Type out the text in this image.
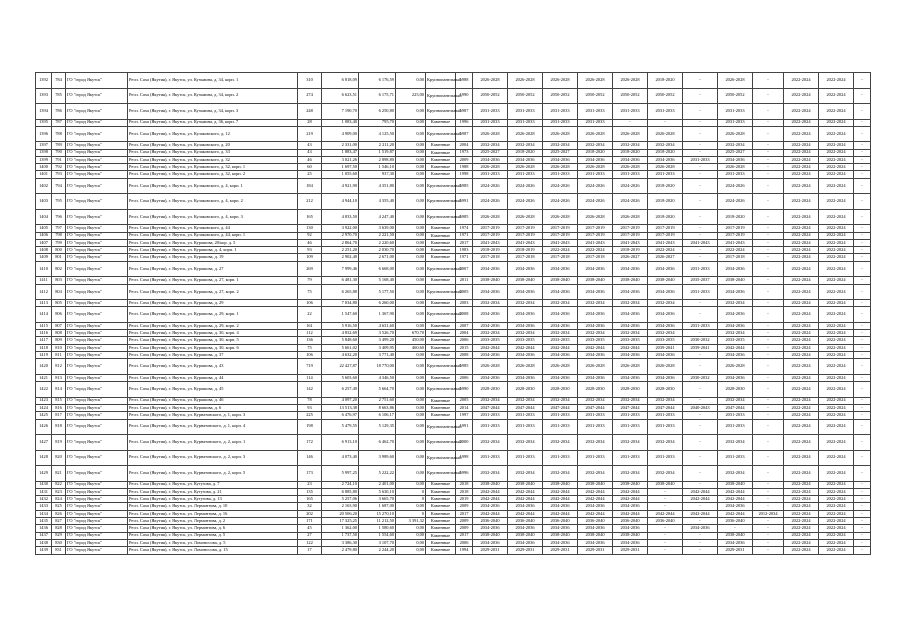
1392	784	ГО "город Якутск"	Респ. Саха (Якутия), г. Якутск, ул. Кузьмина, д. 34, корп. 1	310	6 818,09	6 176,59	0,00	Крупнопанельный	1988	2026-2028	2026-2028	2026-2028	2026-2028	2026-2028	2018-2020	-	2026-2028	-	2022-2024	2022-2024	-
1393	785	ГО "город Якутск"	Респ. Саха (Якутия), г. Якутск, ул. Кузьмина, д. 34, корп. 2	274	6 623,51	6 175,71	225,00	Крупнопанельный	1990	2050-2052	2050-2052	2050-2052	2050-2052	2050-2052	2050-2052	-	2050-2052	-	2022-2024	2022-2024	-
1394	786	ГО "город Якутск"	Респ. Саха (Якутия), г. Якутск, ул. Кузьмина, д. 34, корп. 3	248	7 190,70	6 250,80	0,00	Крупнопанельный	1987	2031-2033	2031-2033	2031-2033	2031-2033	2031-2033	2031-2033	-	2031-2033	-	2022-2024	2022-2024	-
1395	787	ГО "город Якутск"	Респ. Саха (Якутия), г. Якутск, ул. Кузьмина, д. 36, корп. 7	28	1 083,40	795,70	0,00	Каменные	1996	2031-2033	2031-2033	2031-2033	2031-2033	-	-	-	2031-2033	-	2022-2024	2022-2024	-
1396	788	ГО "город Якутск"	Респ. Саха (Якутия), г. Якутск, ул. Кулаковского, д. 12	219	4 909,00	4 125,50	0,00	Крупнопанельный	1987	2026-2028	2026-2028	2026-2028	2026-2028	2026-2028	2026-2028	-	2026-2028	-	2022-2024	2022-2024	-
1397	789	ГО "город Якутск"	Респ. Саха (Якутия), г. Якутск, ул. Кулаковского, д. 20	43	2 331,00	2 211,20	0,00	Каменные	2004	2032-2034	2032-2034	2032-2034	2032-2034	2032-2034	2032-2034	-	2032-2034	-	2022-2024	2022-2024	-
1398	790	ГО "город Якутск"	Респ. Саха (Якутия), г. Якутск, ул. Кулаковского, д. 33	43	1 883,47	1 519,87	0,00	Каменные	1973	2025-2027	2018-2020	2025-2027	2018-2020	2018-2020	2018-2020	-	2025-2027	-	2022-2024	2022-2024	-
1399	791	ГО "город Якутск"	Респ. Саха (Якутия), г. Якутск, ул. Кулаковского, д. 32	46	3 021,26	2 898,80	0,00	Каменные	2009	2034-2036	2034-2036	2034-2036	2034-2036	2034-2036	2034-2036	2031-2033	2034-2036	-	2022-2024	2022-2024	-
1400	792	ГО "город Якутск"	Респ. Саха (Якутия), г. Якутск, ул. Кулаковского, д. 32, корп. 1	60	1 697,50	1 546,10	0,00	Каменные	1988	2026-2028	2026-2028	2026-2028	2026-2028	2026-2028	2026-2028	-	2026-2028	-	2022-2024	2022-2024	-
1401	793	ГО "город Якутск"	Респ. Саха (Якутия), г. Якутск, ул. Кулаковского, д. 32, корп. 2	25	1 055,60	937,30	0,00	Каменные	1998	2031-2033	2031-2033	2031-2033	2031-2033	2031-2033	2031-2033	-	2031-2033	-	2022-2024	2022-2024	-
1402	794	ГО "город Якутск"	Респ. Саха (Якутия), г. Якутск, ул. Кулаковского, д. 4, корп. 1	184	4 921,90	4 351,80	0,00	Крупнопанельный	1985	2024-2026	2024-2026	2024-2026	2024-2026	2024-2026	2018-2020	-	2024-2026	-	2022-2024	2022-2024	-
1403	795	ГО "город Якутск"	Респ. Саха (Якутия), г. Якутск, ул. Кулаковского, д. 4, корп. 2	212	4 944,10	4 355,40	0,00	Крупнопанельный	1991	2024-2026	2024-2026	2024-2026	2024-2026	2024-2026	2018-2020	-	2024-2026	-	2022-2024	2022-2024	-
1404	796	ГО "город Якутск"	Респ. Саха (Якутия), г. Якутск, ул. Кулаковского, д. 4, корп. 3	165	4 833,50	4 247,40	0,00	Крупнопанельный	1985	2026-2028	2026-2028	2026-2028	2026-2028	2026-2028	2018-2020	-	2018-2020	-	2022-2024	2022-2024	-
1405	797	ГО "город Якутск"	Респ. Саха (Якутия), г. Якутск, ул. Кулаковского, д. 44	130	3 922,00	3 639,00	0,00	Каменные	1974	2017-2019	2017-2019	2017-2019	2017-2019	2017-2019	2017-2019	-	2017-2019	-	2022-2024	2022-2024	-
1406	798	ГО "город Якутск"	Респ. Саха (Якутия), г. Якутск, ул. Кулаковского, д. 44, корп. 1	92	2 970,70	2 221,50	0,00	Каменные	1971	2017-2019	2017-2019	2017-2019	2017-2019	2017-2019	2017-2019	-	2017-2019	-	2022-2024	2022-2024	-
1407	799	ГО "город Якутск"	Респ. Саха (Якутия), г. Якутск, ул. Курашова, 20/кор. д. 5	46	2 864,70	2 220,60	0,00	Каменные	2017	2041-2043	2041-2043	2041-2043	2041-2043	2041-2043	2041-2043	2041-2043	2041-2043	-	2022-2024	2022-2024	-
1408	800	ГО "город Якутск"	Респ. Саха (Якутия), г. Якутск, ул. Курашова, д. 4, корп. 1	93	2 251,20	2 030,70	0,00	Каменные	1983	2018-2019	2018-2019	2022-2024	2022-2024	2018-2019	2022-2024	-	2022-2024	-	2022-2024	2022-2024	-
1409	801	ГО "город Якутск"	Респ. Саха (Якутия), г. Якутск, ул. Курашова, д. 19	109	2 902,40	2 671,00	0,00	Каменные	1971	2017-2018	2017-2018	2017-2018	2017-2018	2026-2027	2026-2027	-	2017-2018	-	2022-2024	2022-2024	-
1410	802	ГО "город Якутск"	Респ. Саха (Якутия), г. Якутск, ул. Курашова, д. 27	269	7 999,46	6 668,00	0,00	Крупнопанельный	2007	2034-2036	2034-2036	2034-2036	2034-2036	2034-2036	2034-2036	2031-2033	2034-2036	-	2022-2024	2022-2024	-
1411	803	ГО "город Якутск"	Респ. Саха (Якутия), г. Якутск, ул. Курашова, д. 27, корп. 1	79	6 481,30	5 168,40	0,00	Каменные	2011	2038-2040	2038-2040	2038-2040	2038-2040	2038-2040	2038-2040	2035-2037	2038-2040	-	2022-2024	2022-2024	-
1412	804	ГО "город Якутск"	Респ. Саха (Якутия), г. Якутск, ул. Курашова, д. 27, корп. 2	75	6 265,88	5 177,50	0,00	Крупнопанельный	2005	2034-2036	2034-2036	2034-2036	2034-2036	2034-2036	2034-2036	2031-2033	2034-2036	-	2022-2024	2022-2024	-
1413	805	ГО "город Якутск"	Респ. Саха (Якутия), г. Якутск, ул. Курашова, д. 29	106	7 034,80	6 260,00	0,00	Каменные	2003	2032-2034	2032-2034	2032-2034	2032-2034	2032-2034	2032-2034	-	2032-2034	-	2022-2024	2022-2024	-
1414	806	ГО "город Якутск"	Респ. Саха (Якутия), г. Якутск, ул. Курашова, д. 29, корп. 1	22	1 547,60	1 367,90	0,00	Крупнопанельный	2008	2034-2036	2034-2036	2034-2036	2034-2036	2034-2036	2034-2036	-	2034-2036	-	2022-2024	2022-2024	-
1415	807	ГО "город Якутск"	Респ. Саха (Якутия), г. Якутск, ул. Курашова, д. 29, корп. 2	161	5 916,50	4 631,60	0,00	Каменные	2007	2034-2036	2034-2036	2034-2036	2034-2036	2034-2036	2034-2036	2031-2033	2034-2036	-	2022-2024	2022-2024	-
1416	808	ГО "город Якутск"	Респ. Саха (Якутия), г. Якутск, ул. Курашова, д. 30, корп. 4	112	4 832,69	3 526,70	670,70	Каменные	2004	2032-2034	2032-2034	2032-2034	2032-2034	2032-2034	2032-2034	-	2032-2034	-	2022-2024	2022-2024	-
1417	809	ГО "город Якутск"	Респ. Саха (Якутия), г. Якутск, ул. Курашова, д. 30, корп. 5	136	5 848,60	3 499,20	450,00	Каменные	2006	2033-2035	2033-2035	2033-2035	2033-2035	2033-2035	2033-2035	2030-2032	2033-2035	-	2022-2024	2022-2024	-
1418	810	ГО "город Якутск"	Респ. Саха (Якутия), г. Якутск, ул. Курашова, д. 30, корп. 6	75	5 661,02	3 409,95	460,60	Каменные	2015	2042-2044	2042-2044	2042-2044	2042-2044	2042-2044	2039-2041	2039-2041	2042-2044	-	2022-2024	2022-2024	-
1419	811	ГО "город Якутск"	Респ. Саха (Якутия), г. Якутск, ул. Курашова, д. 37	106	4 632,20	3 771,40	0,00	Каменные	2008	2034-2036	2034-2036	2034-2036	2034-2036	2034-2036	2034-2036	-	2034-2036	-	2022-2024	2022-2024	-
1420	812	ГО "город Якутск"	Респ. Саха (Якутия), г. Якутск, ул. Курашова, д. 43	719	22 427,87	18 770,00	0,00	Крупнопанельный	1985	2026-2028	2026-2028	2026-2028	2026-2028	2026-2028	2026-2028	-	2026-2028	-	2022-2024	2022-2024	-
1421	813	ГО "город Якутск"	Респ. Саха (Якутия), г. Якутск, ул. Курашова, д. 44	114	5 603,60	4 346,50	0,00	Каменные	2006	2034-2036	2034-2036	2034-2036	2034-2036	2034-2036	2034-2036	2030-2032	2034-2036	-	2022-2024	2022-2024	-
1422	814	ГО "город Якутск"	Респ. Саха (Якутия), г. Якутск, ул. Курашова, д. 45	142	6 257,49	5 664,70	0,00	Крупнопанельный	1990	2028-2030	2028-2030	2028-2030	2028-2030	2028-2030	2028-2030	-	2028-2030	-	2022-2024	2022-2024	-
1423	815	ГО "город Якутск"	Респ. Саха (Якутия), г. Якутск, ул. Курашова, д. 46	78	4 097,20	2 751,60	0,00	Каменные	2005	2032-2034	2032-2034	2032-2034	2032-2034	2032-2034	2032-2034	-	2032-2034	-	2022-2024	2022-2024	-
1424	816	ГО "город Якутск"	Респ. Саха (Якутия), г. Якутск, ул. Курашова, д. 6	93	13 513,38	8 663,86	0,00	Каменные	2014	2047-2044	2047-2044	2047-2044	2047-2044	2047-2044	2047-2044	2040-2043	2047-2044	-	2022-2024	2022-2024	-
1425	817	ГО "город Якутск"	Респ. Саха (Якутия), г. Якутск, ул. Курнатовского, д. 1, корп. 3	225	6 476,97	6 106,17	0,00	Каменные	1997	2031-2033	2031-2033	2031-2033	2031-2033	2031-2033	2031-2033	-	2031-2033	-	2022-2024	2022-2024	-
1426	818	ГО "город Якутск"	Респ. Саха (Якутия), г. Якутск, ул. Курнатовского, д. 1, корп. 4	198	5 479,55	5 129,35	0,00	Крупнопанельный	1991	2031-2033	2031-2033	2031-2033	2031-2033	2031-2033	2031-2033	-	2031-2033	-	2022-2024	2022-2024	-
1427	819	ГО "город Якутск"	Респ. Саха (Якутия), г. Якутск, ул. Курнатовского, д. 2, корп. 1	172	6 913,10	6 462,70	0,00	Крупнопанельный	2000	2032-2034	2032-2034	2032-2034	2032-2034	2032-2034	2032-2034	-	2032-2034	-	2022-2024	2022-2024	-
1428	820	ГО "город Якутск"	Респ. Саха (Якутия), г. Якутск, ул. Курнатовского, д. 2, корп. 3	146	4 073,40	3 989,60	0,00	Крупнопанельный	1998	2031-2033	2031-2033	2031-2033	2031-2033	2031-2033	2031-2033	-	2031-2033	-	2022-2024	2022-2024	-
1429	821	ГО "город Якутск"	Респ. Саха (Якутия), г. Якутск, ул. Курнатовского, д. 2, корп. 5	173	5 997,25	5 222,22	0,00	Крупнопанельный	1996	2032-2034	2032-2034	2032-2034	2032-2034	2032-2034	2032-2034	-	2032-2034	-	2022-2024	2022-2024	-
1430	822	ГО "город Якутск"	Респ. Саха (Якутия), г. Якутск, ул. Кутузова, д. 7	23	2 724,10	2 401,00	0,00	Каменные	2018	2038-2040	2038-2040	2038-2040	2038-2040	2038-2040	2038-2040	-	2038-2040	-	2022-2024	2022-2024	-
1431	823	ГО "город Якутск"	Респ. Саха (Якутия), г. Якутск, ул. Кутузова, д. 21	135	6 885,80	5 630,10	0	Каменные	2018	2042-2044	2042-2044	2042-2044	2042-2044	2042-2044	-	2042-2044	2042-2044	-	2022-2024	2022-2024	-
1432	824	ГО "город Якутск"	Респ. Саха (Якутия), г. Якутск, ул. Кутузова, д. 13	165	5 257,06	3 665,70	0	Каменные	2019	2042-2044	2042-2044	2042-2044	2042-2044	2042-2044	-	2042-2044	2042-2044	-	2022-2024	2022-2024	-
1433	825	ГО "город Якутск"	Респ. Саха (Якутия), г. Якутск, ул. Лермонтова, д. 10	32	2 163,90	1 687,00	0,00	Каменные	2009	2034-2036	2034-2036	2034-2036	2034-2036	2034-2036	-	-	2034-2036	-	2022-2024	2022-2024	-
1434	826	ГО "город Якутск"	Респ. Саха (Якутия), г. Якутск, ул. Лермонтова, д. 16	202	20 506,20	15 270,10	0	Каменные	2017	2042-2044	2042-2044	2042-2044	2042-2044	2042-2044	2042-2044	2042-2044	2042-2044	2012-2034	2022-2024	2022-2024	-
1435	827	ГО "город Якутск"	Респ. Саха (Якутия), г. Якутск, ул. Лермонтова, д. 2	171	17 325,25	11 212,50	3 391,32	Каменные	2009	2036-2040	2036-2040	2036-2040	2036-2040	2036-2040	2036-2040	-	2036-2040	-	2022-2024	2022-2024	-
1436	828	ГО "город Якутск"	Респ. Саха (Якутия), г. Якутск, ул. Лермонтова, д. 6	45	1 362,00	1 580,60	0,00	Каменные	2009	2034-2036	2034-2036	2034-2036	2034-2036	2034-2036	-	2034-2036	-	-	2022-2024	2022-2024	-
1437	829	ГО "город Якутск"	Респ. Саха (Якутия), г. Якутск, ул. Лермонтова, д. 5	27	1 737,50	1 554,60	0,00	Каменные	2017	2038-2040	2038-2040	2038-2040	2038-2040	2038-2040	-	-	2038-2040	-	2022-2024	2022-2024	-
1438	830	ГО "город Якутск"	Респ. Саха (Якутия), г. Якутск, ул. Ломоносова, д. 5	122	3 386,30	3 107,70	0,00	Каменные	2006	2034-2036	2034-2036	2034-2036	2034-2036	2034-2036	-	-	2034-2036	-	2022-2024	2022-2024	-
1439	831	ГО "город Якутск"	Респ. Саха (Якутия), г. Якутск, ул. Ломоносова, д. 15	17	2 479,80	2 244,20	0,00	Каменные	1994	2029-2031	2029-2031	2029-2031	2029-2031	2029-2031	-	-	2029-2031	-	2022-2024	2022-2024	-
